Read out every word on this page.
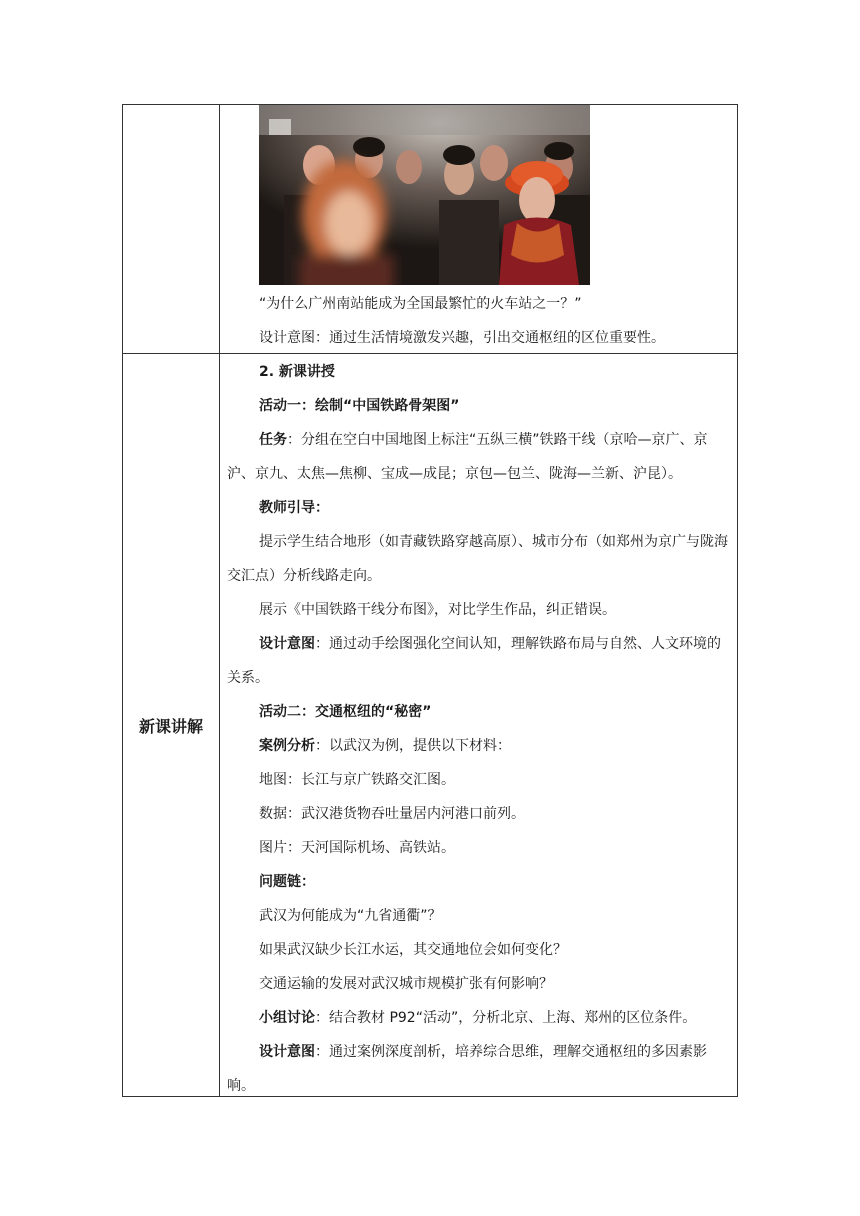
“为什么广州南站能成为全国最繁忙的火车站之一？”

设计意图：通过生活情境激发兴趣，引出交通枢纽的区位重要性。

新课讲解

2. 新课讲授

活动一：绘制“中国铁路骨架图”

任务：分组在空白中国地图上标注“五纵三横”铁路干线（京哈—京广、京沪、京九、太焦—焦柳、宝成—成昆；京包—包兰、陇海—兰新、沪昆）。

教师引导：

提示学生结合地形（如青藏铁路穿越高原）、城市分布（如郑州为京广与陇海交汇点）分析线路走向。

展示《中国铁路干线分布图》，对比学生作品，纠正错误。

设计意图：通过动手绘图强化空间认知，理解铁路布局与自然、人文环境的关系。

活动二：交通枢纽的“秘密”

案例分析：以武汉为例，提供以下材料：

地图：长江与京广铁路交汇图。

数据：武汉港货物吞吐量居内河港口前列。

图片：天河国际机场、高铁站。

问题链：

武汉为何能成为“九省通衢”？

如果武汉缺少长江水运，其交通地位会如何变化？

交通运输的发展对武汉城市规模扩张有何影响？

小组讨论：结合教材 P92“活动”，分析北京、上海、郑州的区位条件。

设计意图：通过案例深度剖析，培养综合思维，理解交通枢纽的多因素影响。
